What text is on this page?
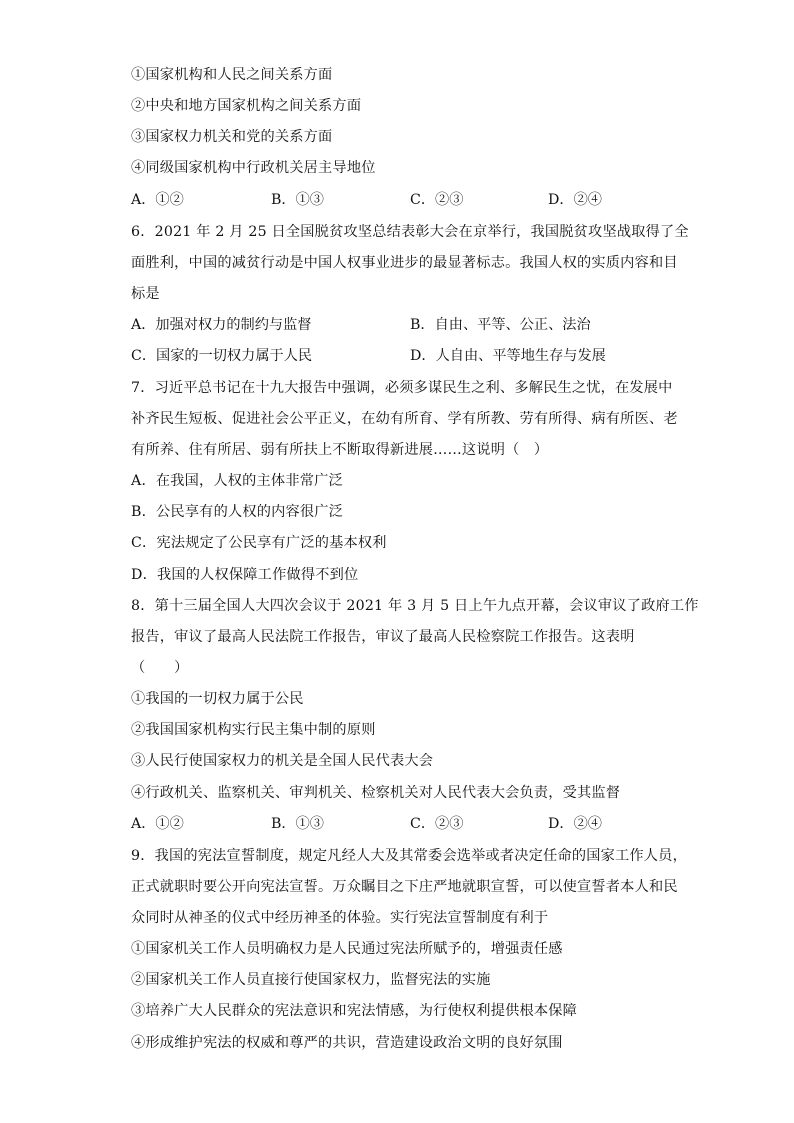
①国家机构和人民之间关系方面
②中央和地方国家机构之间关系方面
③国家权力机关和党的关系方面
④同级国家机构中行政机关居主导地位
A．①②	B．①③	C．②③	D．②④
6．2021 年 2 月 25 日全国脱贫攻坚总结表彰大会在京举行，我国脱贫攻坚战取得了全
面胜利，中国的减贫行动是中国人权事业进步的最显著标志。我国人权的实质内容和目
标是
A．加强对权力的制约与监督	B．自由、平等、公正、法治
C．国家的一切权力属于人民	D．人自由、平等地生存与发展
7．习近平总书记在十九大报告中强调，必须多谋民生之利、多解民生之忧，在发展中
补齐民生短板、促进社会公平正义，在幼有所育、学有所教、劳有所得、病有所医、老
有所养、住有所居、弱有所扶上不断取得新进展……这说明（　）
A．在我国，人权的主体非常广泛
B．公民享有的人权的内容很广泛
C．宪法规定了公民享有广泛的基本权利
D．我国的人权保障工作做得不到位
8．第十三届全国人大四次会议于 2021 年 3 月 5 日上午九点开幕，会议审议了政府工作
报告，审议了最高人民法院工作报告，审议了最高人民检察院工作报告。这表明
（　　）
①我国的一切权力属于公民
②我国国家机构实行民主集中制的原则
③人民行使国家权力的机关是全国人民代表大会
④行政机关、监察机关、审判机关、检察机关对人民代表大会负责，受其监督
A．①②	B．①③	C．②③	D．②④
9．我国的宪法宣誓制度，规定凡经人大及其常委会选举或者决定任命的国家工作人员，
正式就职时要公开向宪法宣誓。万众瞩目之下庄严地就职宣誓，可以使宣誓者本人和民
众同时从神圣的仪式中经历神圣的体验。实行宪法宣誓制度有利于
①国家机关工作人员明确权力是人民通过宪法所赋予的，增强责任感
②国家机关工作人员直接行使国家权力，监督宪法的实施
③培养广大人民群众的宪法意识和宪法情感，为行使权利提供根本保障
④形成维护宪法的权威和尊严的共识，营造建设政治文明的良好氛围
